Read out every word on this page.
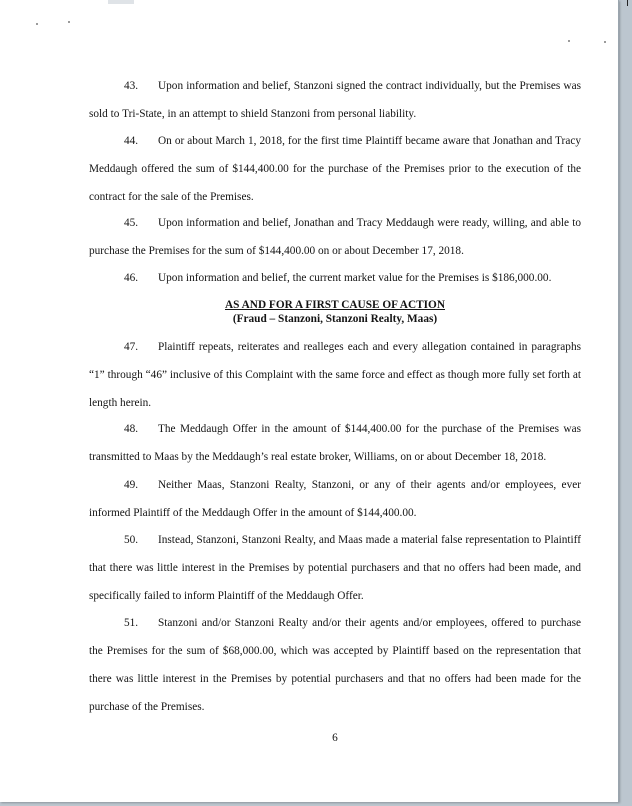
43. Upon information and belief, Stanzoni signed the contract individually, but the Premises was sold to Tri-State, in an attempt to shield Stanzoni from personal liability.

44. On or about March 1, 2018, for the first time Plaintiff became aware that Jonathan and Tracy Meddaugh offered the sum of $144,400.00 for the purchase of the Premises prior to the execution of the contract for the sale of the Premises.

45. Upon information and belief, Jonathan and Tracy Meddaugh were ready, willing, and able to purchase the Premises for the sum of $144,400.00 on or about December 17, 2018.

46. Upon information and belief, the current market value for the Premises is $186,000.00.

AS AND FOR A FIRST CAUSE OF ACTION
(Fraud – Stanzoni, Stanzoni Realty, Maas)

47. Plaintiff repeats, reiterates and realleges each and every allegation contained in paragraphs “1” through “46” inclusive of this Complaint with the same force and effect as though more fully set forth at length herein.

48. The Meddaugh Offer in the amount of $144,400.00 for the purchase of the Premises was transmitted to Maas by the Meddaugh’s real estate broker, Williams, on or about December 18, 2018.

49. Neither Maas, Stanzoni Realty, Stanzoni, or any of their agents and/or employees, ever informed Plaintiff of the Meddaugh Offer in the amount of $144,400.00.

50. Instead, Stanzoni, Stanzoni Realty, and Maas made a material false representation to Plaintiff that there was little interest in the Premises by potential purchasers and that no offers had been made, and specifically failed to inform Plaintiff of the Meddaugh Offer.

51. Stanzoni and/or Stanzoni Realty and/or their agents and/or employees, offered to purchase the Premises for the sum of $68,000.00, which was accepted by Plaintiff based on the representation that there was little interest in the Premises by potential purchasers and that no offers had been made for the purchase of the Premises.

6
